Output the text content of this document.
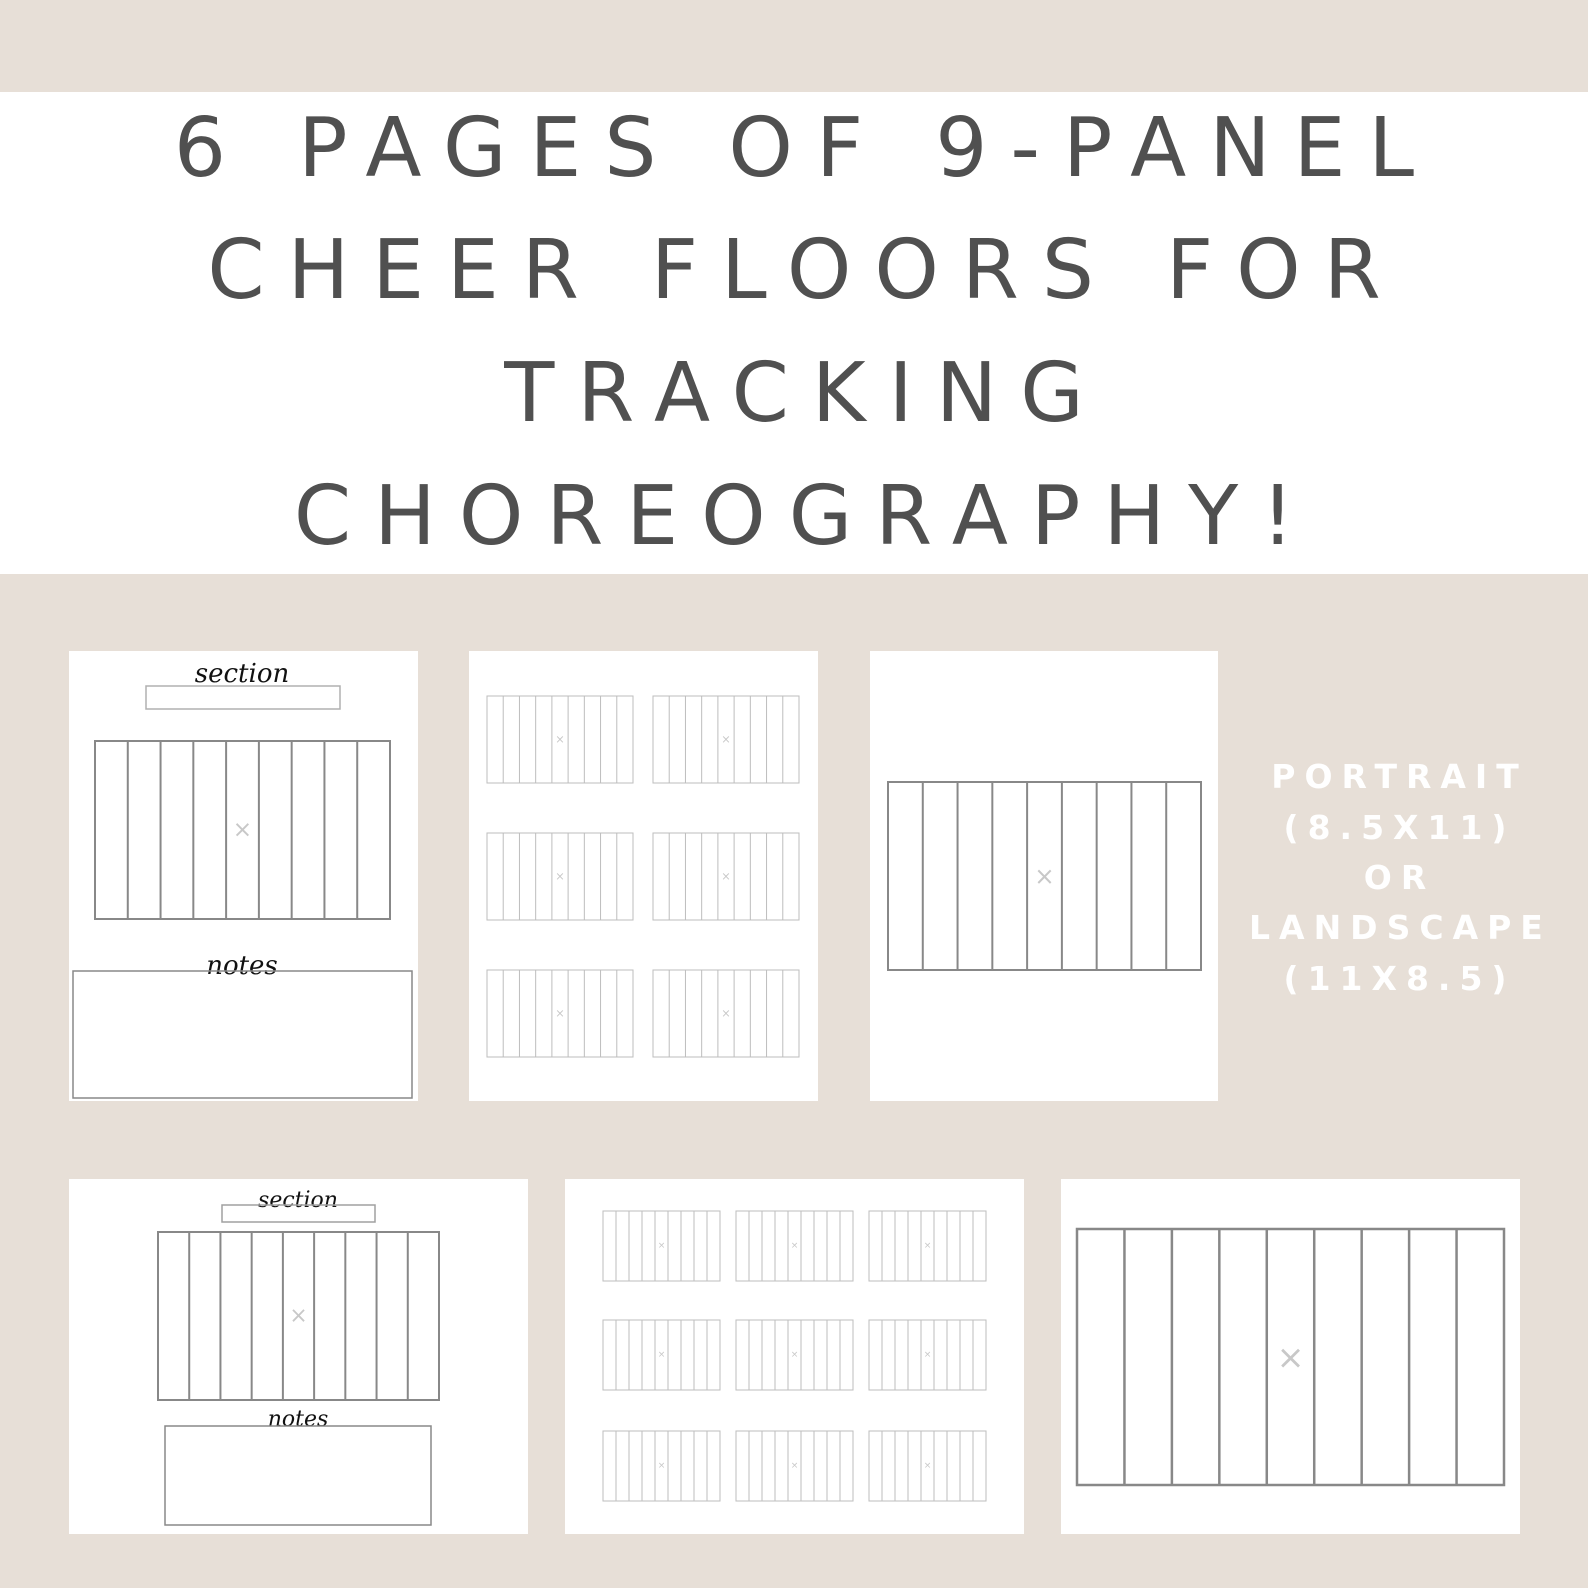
6 PAGES OF 9-PANEL
CHEER FLOORS FOR
TRACKING
CHOREOGRAPHY!
section
×
notes
×	×
×	×
×	×
×
PORTRAIT
(8.5X11)
OR
LANDSCAPE
(11X8.5)
section
×
notes
×	×	×
×	×	×
×	×	×
×
